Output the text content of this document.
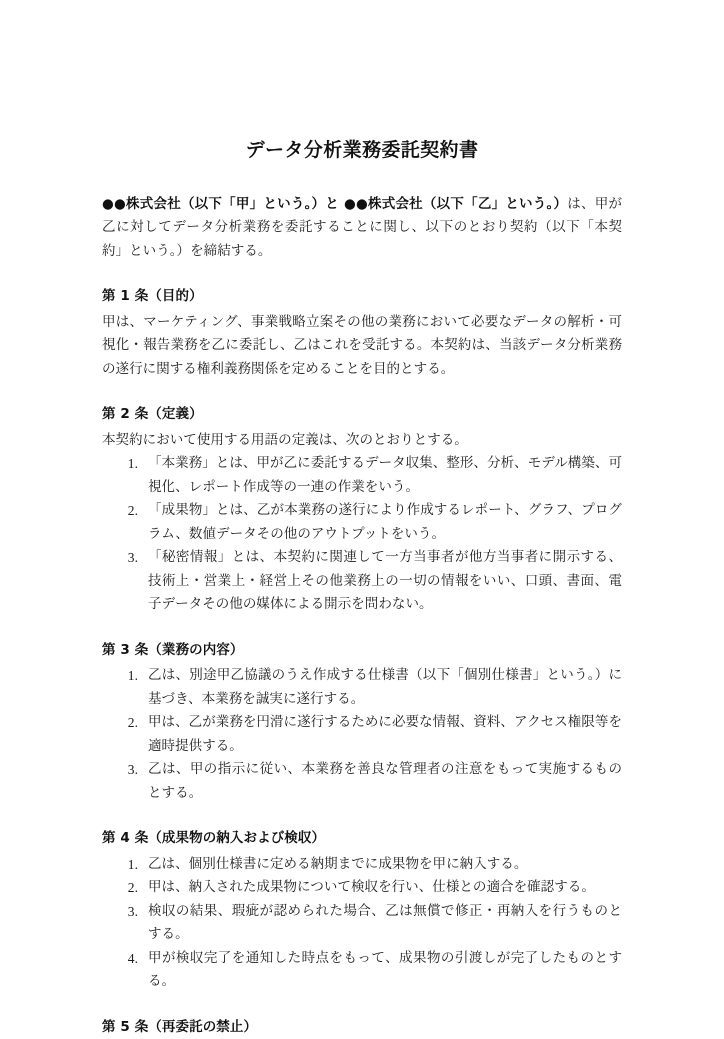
データ分析業務委託契約書

●●株式会社（以下「甲」という。）と ●●株式会社（以下「乙」という。）は、甲が乙に対してデータ分析業務を委託することに関し、以下のとおり契約（以下「本契約」という。）を締結する。

第 1 条（目的）

甲は、マーケティング、事業戦略立案その他の業務において必要なデータの解析・可視化・報告業務を乙に委託し、乙はこれを受託する。本契約は、当該データ分析業務の遂行に関する権利義務関係を定めることを目的とする。

第 2 条（定義）

本契約において使用する用語の定義は、次のとおりとする。

「本業務」とは、甲が乙に委託するデータ収集、整形、分析、モデル構築、可視化、レポート作成等の一連の作業をいう。
「成果物」とは、乙が本業務の遂行により作成するレポート、グラフ、プログラム、数値データその他のアウトプットをいう。
「秘密情報」とは、本契約に関連して一方当事者が他方当事者に開示する、技術上・営業上・経営上その他業務上の一切の情報をいい、口頭、書面、電子データその他の媒体による開示を問わない。

第 3 条（業務の内容）

乙は、別途甲乙協議のうえ作成する仕様書（以下「個別仕様書」という。）に基づき、本業務を誠実に遂行する。
甲は、乙が業務を円滑に遂行するために必要な情報、資料、アクセス権限等を適時提供する。
乙は、甲の指示に従い、本業務を善良な管理者の注意をもって実施するものとする。

第 4 条（成果物の納入および検収）

乙は、個別仕様書に定める納期までに成果物を甲に納入する。
甲は、納入された成果物について検収を行い、仕様との適合を確認する。
検収の結果、瑕疵が認められた場合、乙は無償で修正・再納入を行うものとする。
甲が検収完了を通知した時点をもって、成果物の引渡しが完了したものとする。

第 5 条（再委託の禁止）
